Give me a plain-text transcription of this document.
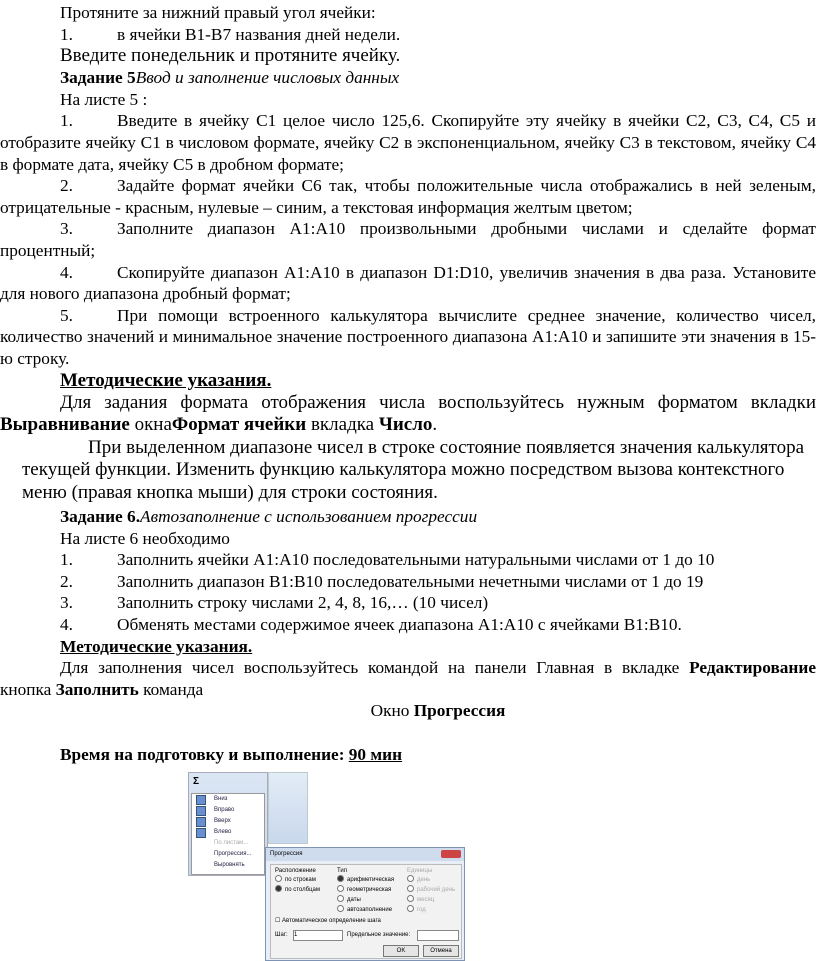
Протяните за нижний правый угол ячейки:

1.	в ячейки В1-В7 названия дней недели.

Введите понедельник и протяните ячейку.

Задание 5Ввод и заполнение числовых данных

На листе 5 :

1.	Введите в ячейку С1 целое число 125,6. Скопируйте эту ячейку в ячейки С2, С3, С4, С5 и отобразите ячейку С1 в числовом формате, ячейку С2 в экспоненциальном, ячейку С3 в текстовом, ячейку С4 в формате дата, ячейку С5 в дробном формате;

2.	Задайте формат ячейки С6 так, чтобы положительные числа отображались в ней зеленым, отрицательные - красным, нулевые – синим, а текстовая информация желтым цветом;

3.	Заполните диапазон А1:А10 произвольными дробными числами и сделайте формат процентный;

4.	Скопируйте диапазон А1:А10 в диапазон D1:D10, увеличив значения в два раза. Установите для нового диапазона дробный формат;

5.	При помощи встроенного калькулятора вычислите среднее значение, количество чисел, количество значений и минимальное значение построенного диапазона А1:А10 и запишите эти значения в 15-ю строку.

Методические указания.

Для задания формата отображения числа воспользуйтесь нужным форматом вкладки Выравнивание окнаФормат ячейки вкладка Число.

При выделенном диапазоне чисел в строке состояние появляется значения калькулятора текущей функции. Изменить функцию калькулятора можно посредством вызова контекстного меню (правая кнопка мыши) для строки состояния.

Задание 6.Автозаполнение с использованием прогрессии

На листе 6 необходимо

1.	Заполнить ячейки А1:А10 последовательными натуральными числами от 1 до 10

2.	Заполнить диапазон В1:В10 последовательными нечетными числами от 1 до 19

3.	Заполнить строку числами 2, 4, 8, 16,… (10 чисел)

4.	Обменять местами содержимое ячеек диапазона А1:А10 с ячейками В1:В10.

Методические указания.

Для заполнения чисел воспользуйтесь командой на панели Главная в вкладке Редактирование кнопка Заполнить команда

Окно Прогрессия

Время на подготовку и выполнение: 90 мин

Σ
Вниз
Вправо
Вверх
Влево
По листам...
Прогрессия...
Выровнять
Прогрессия
Расположение
по строкам
по столбцам
Тип
арифметическая
геометрическая
даты
автозаполнение
Единицы
день
рабочий день
месяц
год
☐ Автоматическое определение шага
Шаг: 1	Предельное значение:
OK	Отмена
